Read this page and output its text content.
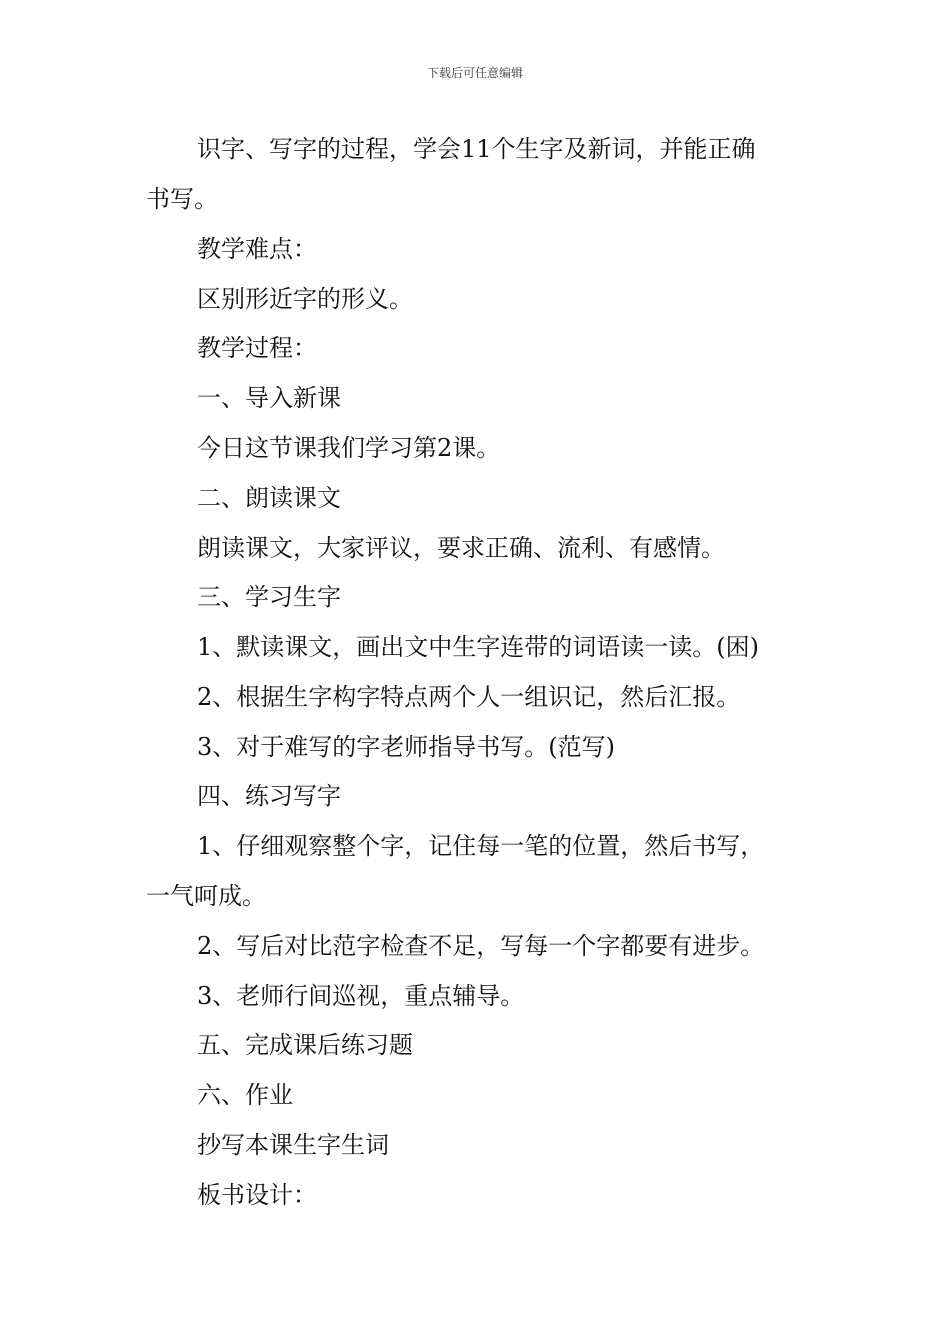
下载后可任意编辑
识字、写字的过程，学会11个生字及新词，并能正确
书写。
教学难点：
区别形近字的形义。
教学过程：
一、导入新课
今日这节课我们学习第2课。
二、朗读课文
朗读课文，大家评议，要求正确、流利、有感情。
三、学习生字
1、默读课文，画出文中生字连带的词语读一读。(困)
2、根据生字构字特点两个人一组识记，然后汇报。
3、对于难写的字老师指导书写。(范写)
四、练习写字
1、仔细观察整个字，记住每一笔的位置，然后书写，
一气呵成。
2、写后对比范字检查不足，写每一个字都要有进步。
3、老师行间巡视，重点辅导。
五、完成课后练习题
六、作业
抄写本课生字生词
板书设计：
